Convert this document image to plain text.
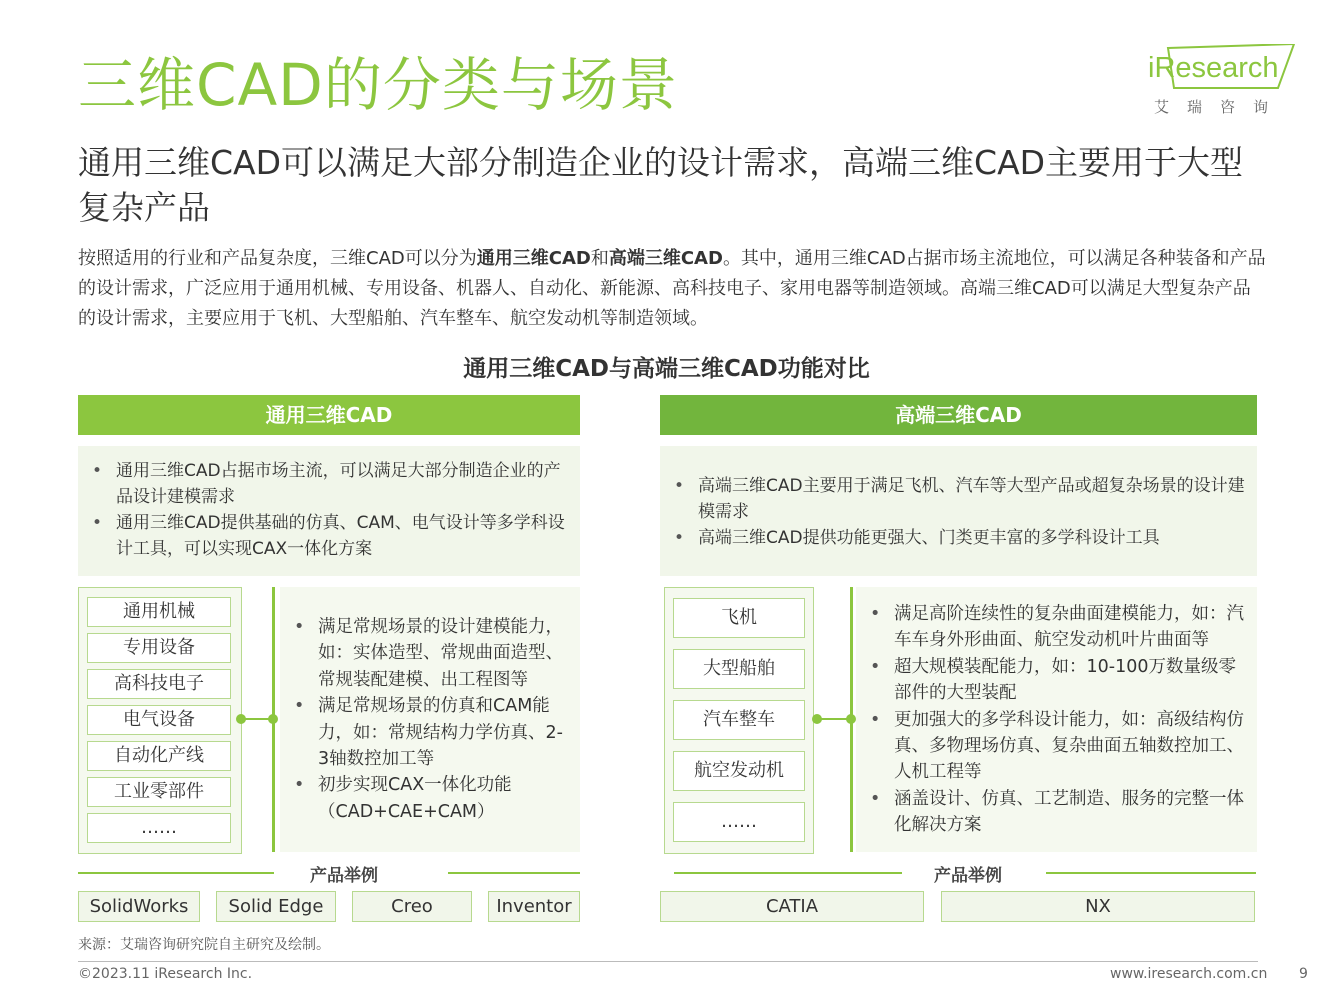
三维CAD的分类与场景
通用三维CAD可以满足大部分制造企业的设计需求，高端三维CAD主要用于大型复杂产品
iResearch
艾瑞咨询
按照适用的行业和产品复杂度，三维CAD可以分为通用三维CAD和高端三维CAD。其中，通用三维CAD占据市场主流地位，可以满足各种装备和产品的设计需求，广泛应用于通用机械、专用设备、机器人、自动化、新能源、高科技电子、家用电器等制造领域。高端三维CAD可以满足大型复杂产品的设计需求，主要应用于飞机、大型船舶、汽车整车、航空发动机等制造领域。
通用三维CAD与高端三维CAD功能对比
通用三维CAD
• 通用三维CAD占据市场主流，可以满足大部分制造企业的产品设计建模需求
• 通用三维CAD提供基础的仿真、CAM、电气设计等多学科设计工具，可以实现CAX一体化方案
通用机械
专用设备
高科技电子
电气设备
自动化产线
工业零部件
……
• 满足常规场景的设计建模能力，如：实体造型、常规曲面造型、常规装配建模、出工程图等
• 满足常规场景的仿真和CAM能力，如：常规结构力学仿真、2-3轴数控加工等
• 初步实现CAX一体化功能（CAD+CAE+CAM）
产品举例
SolidWorks	Solid Edge	Creo	Inventor
高端三维CAD
• 高端三维CAD主要用于满足飞机、汽车等大型产品或超复杂场景的设计建模需求
• 高端三维CAD提供功能更强大、门类更丰富的多学科设计工具
飞机
大型船舶
汽车整车
航空发动机
……
• 满足高阶连续性的复杂曲面建模能力，如：汽车车身外形曲面、航空发动机叶片曲面等
• 超大规模装配能力，如：10-100万数量级零部件的大型装配
• 更加强大的多学科设计能力，如：高级结构仿真、多物理场仿真、复杂曲面五轴数控加工、人机工程等
• 涵盖设计、仿真、工艺制造、服务的完整一体化解决方案
产品举例
CATIA	NX
来源：艾瑞咨询研究院自主研究及绘制。
©2023.11 iResearch Inc.	www.iresearch.com.cn 9
